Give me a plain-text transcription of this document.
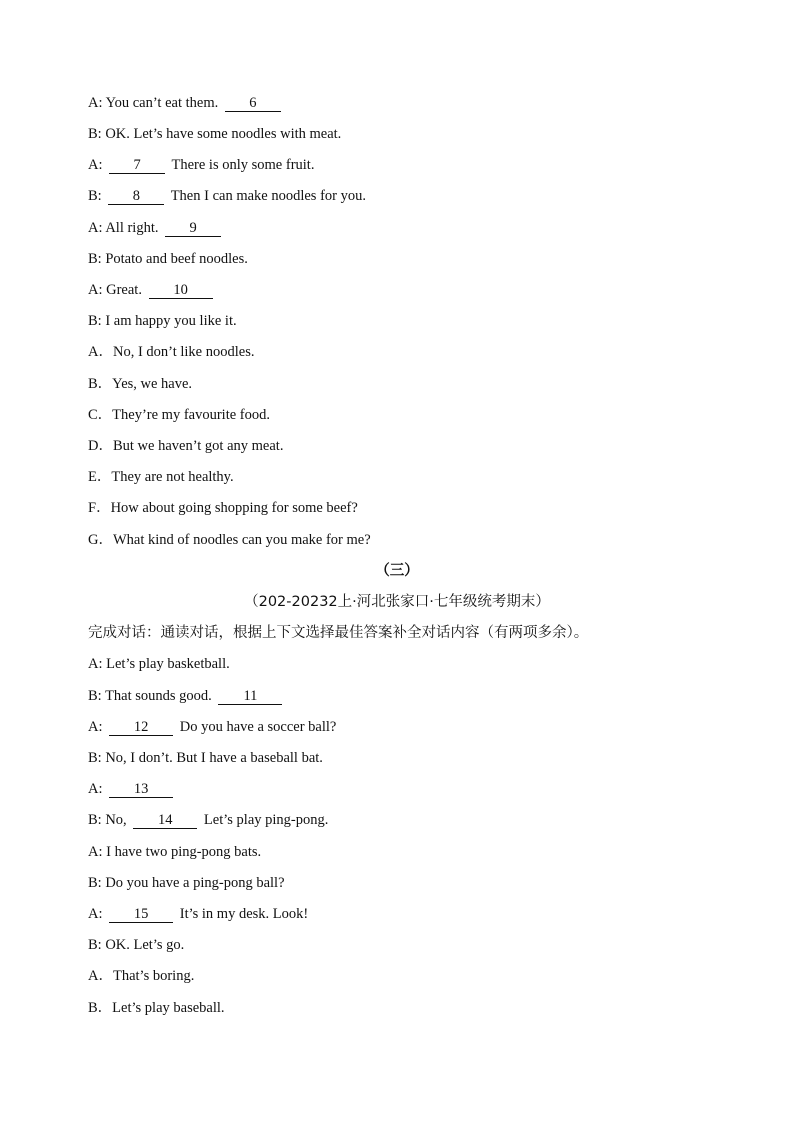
A: You can’t eat them. 6
B: OK. Let’s have some noodles with meat.
A: 7 There is only some fruit.
B: 8 Then I can make noodles for you.
A: All right. 9
B: Potato and beef noodles.
A: Great. 10
B: I am happy you like it.
A．No, I don’t like noodles.
B．Yes, we have.
C．They’re my favourite food.
D．But we haven’t got any meat.
E．They are not healthy.
F．How about going shopping for some beef?
G．What kind of noodles can you make for me?
（三）
（202-20232上·河北张家口·七年级统考期末）
完成对话：通读对话，根据上下文选择最佳答案补全对话内容（有两项多余）。
A: Let’s play basketball.
B: That sounds good. 11
A: 12 Do you have a soccer ball?
B: No, I don’t. But I have a baseball bat.
A: 13
B: No, 14 Let’s play ping-pong.
A: I have two ping-pong bats.
B: Do you have a ping-pong ball?
A: 15 It’s in my desk. Look!
B: OK. Let’s go.
A．That’s boring.
B．Let’s play baseball.
